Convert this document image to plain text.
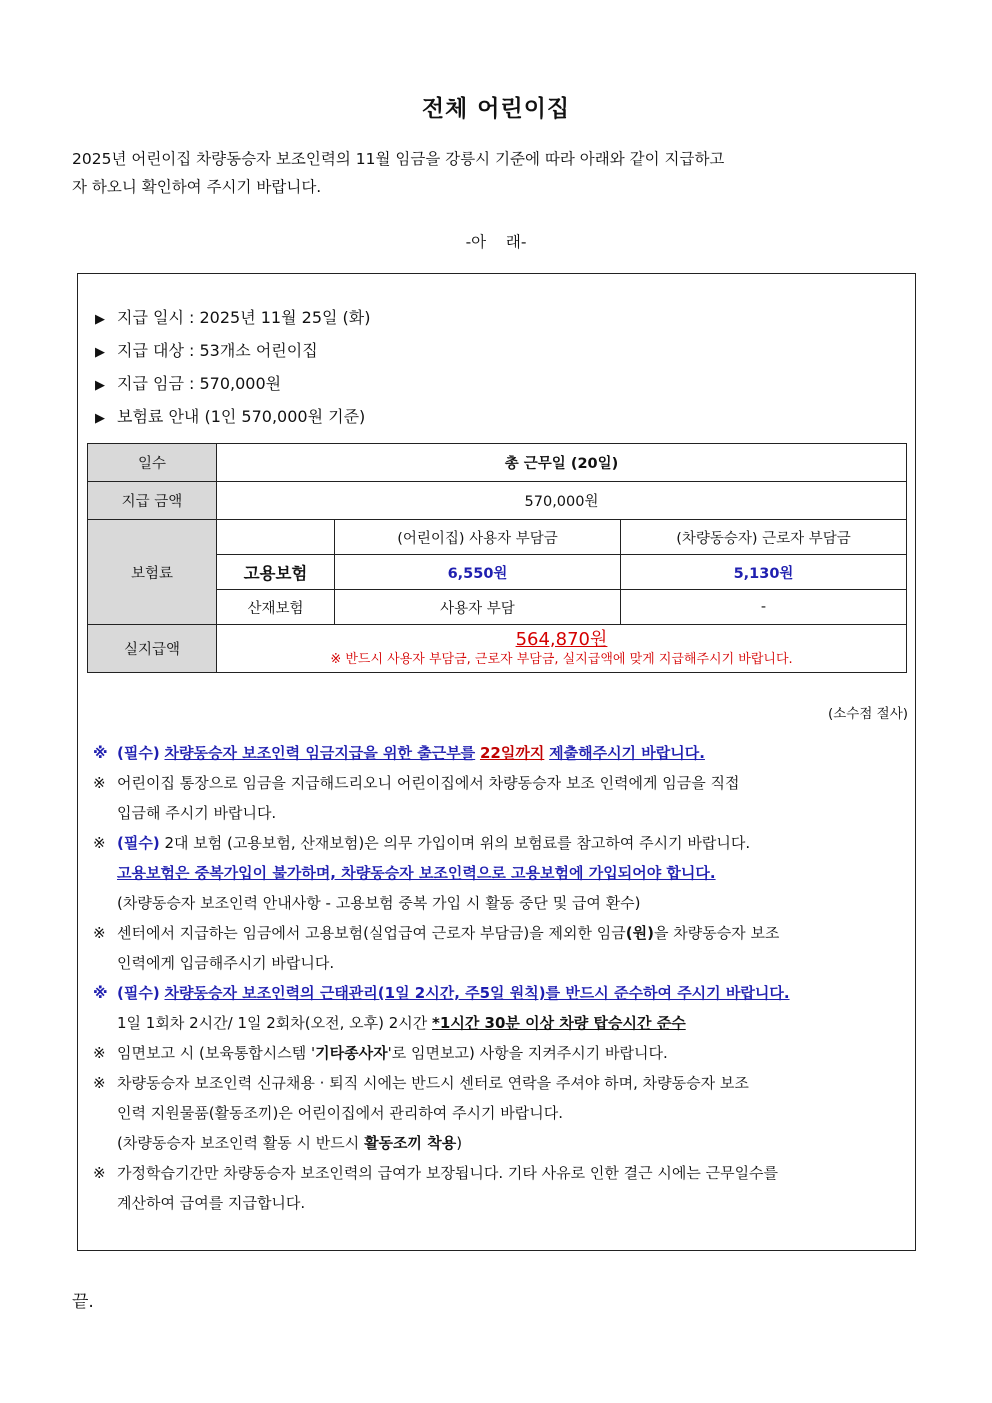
전체 어린이집
2025년 어린이집 차량동승자 보조인력의 11월 임금을 강릉시 기준에 따라 아래와 같이 지급하고
자 하오니 확인하여 주시기 바랍니다.
-아    래-
▶ 지급 일시 : 2025년 11월 25일 (화)
▶ 지급 대상 : 53개소 어린이집
▶ 지급 임금 : 570,000원
▶ 보험료 안내 (1인 570,000원 기준)
일수	총 근무일 (20일)		
지급 금액	570,000원		
보험료		(어린이집) 사용자 부담금	(차량동승자) 근로자 부담금
	고용보험	6,550원	5,130원
	산재보험	사용자 부담	-
실지급액	564,870원
※ 반드시 사용자 부담금, 근로자 부담금, 실지급액에 맞게 지급해주시기 바랍니다.		
(소수점 절사)
※ (필수) 차량동승자 보조인력 임금지급을 위한 출근부를 22일까지 제출해주시기 바랍니다.
※ 어린이집 통장으로 임금을 지급해드리오니 어린이집에서 차량동승자 보조 인력에게 임금을 직접
입금해 주시기 바랍니다.
※ (필수) 2대 보험 (고용보험, 산재보험)은 의무 가입이며 위의 보험료를 참고하여 주시기 바랍니다.
고용보험은 중복가입이 불가하며, 차량동승자 보조인력으로 고용보험에 가입되어야 합니다.
(차량동승자 보조인력 안내사항 - 고용보험 중복 가입 시 활동 중단 및 급여 환수)
※ 센터에서 지급하는 임금에서 고용보험(실업급여 근로자 부담금)을 제외한 임금(원)을 차량동승자 보조
인력에게 입금해주시기 바랍니다.
※ (필수) 차량동승자 보조인력의 근태관리(1일 2시간, 주5일 원칙)를 반드시 준수하여 주시기 바랍니다.
1일 1회차 2시간/ 1일 2회차(오전, 오후) 2시간 *1시간 30분 이상 차량 탑승시간 준수
※ 임면보고 시 (보육통합시스템 '기타종사자'로 임면보고) 사항을 지켜주시기 바랍니다.
※ 차량동승자 보조인력 신규채용 · 퇴직 시에는 반드시 센터로 연락을 주셔야 하며, 차량동승자 보조
인력 지원물품(활동조끼)은 어린이집에서 관리하여 주시기 바랍니다.
(차량동승자 보조인력 활동 시 반드시 활동조끼 착용)
※ 가정학습기간만 차량동승자 보조인력의 급여가 보장됩니다. 기타 사유로 인한 결근 시에는 근무일수를
계산하여 급여를 지급합니다.
끝.
